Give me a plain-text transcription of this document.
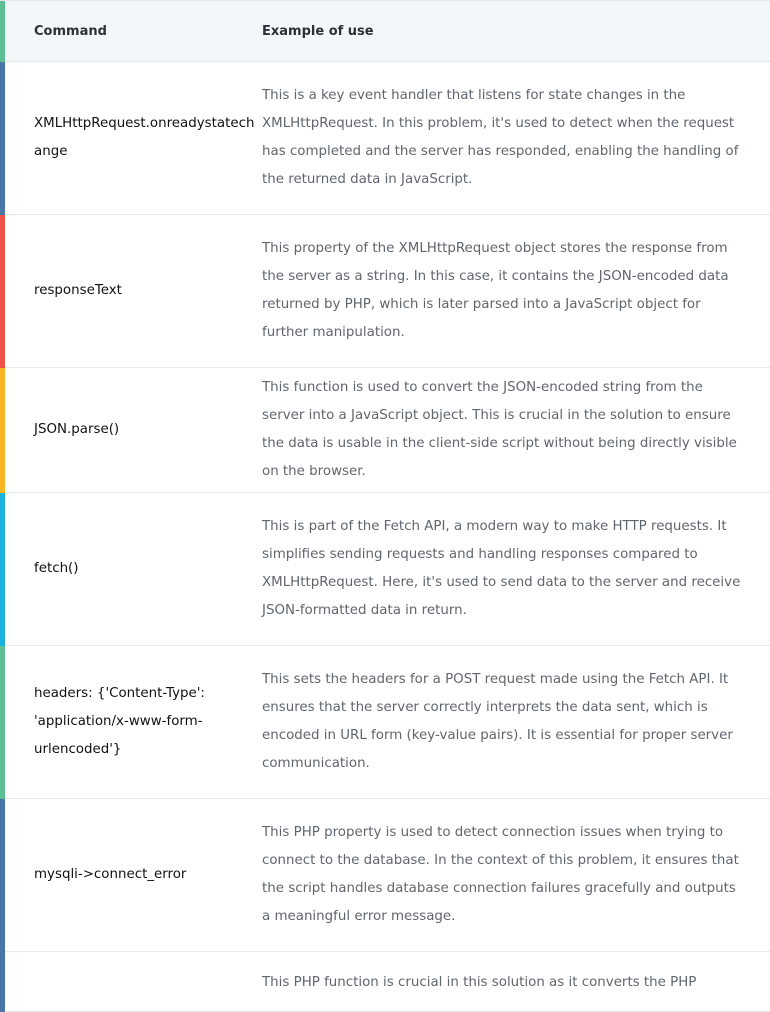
Command	Example of use
XMLHttpRequest.onreadystatechange
This is a key event handler that listens for state changes in the XMLHttpRequest. In this problem, it's used to detect when the request has completed and the server has responded, enabling the handling of the returned data in JavaScript.
responseText
This property of the XMLHttpRequest object stores the response from the server as a string. In this case, it contains the JSON-encoded data returned by PHP, which is later parsed into a JavaScript object for further manipulation.
JSON.parse()
This function is used to convert the JSON-encoded string from the server into a JavaScript object. This is crucial in the solution to ensure the data is usable in the client-side script without being directly visible on the browser.
fetch()
This is part of the Fetch API, a modern way to make HTTP requests. It simplifies sending requests and handling responses compared to XMLHttpRequest. Here, it's used to send data to the server and receive JSON-formatted data in return.
headers: {'Content-Type': 'application/x-www-form-urlencoded'}
This sets the headers for a POST request made using the Fetch API. It ensures that the server correctly interprets the data sent, which is encoded in URL form (key-value pairs). It is essential for proper server communication.
mysqli->connect_error
This PHP property is used to detect connection issues when trying to connect to the database. In the context of this problem, it ensures that the script handles database connection failures gracefully and outputs a meaningful error message.
This PHP function is crucial in this solution as it converts the PHP
